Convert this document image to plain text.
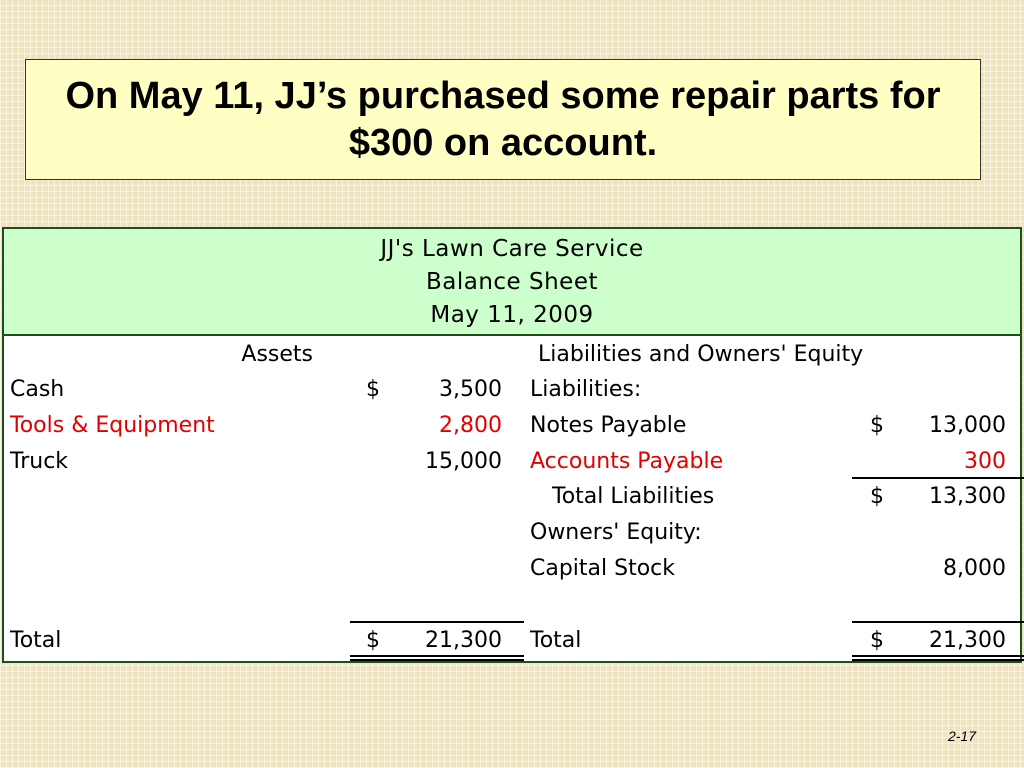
On May 11, JJ’s purchased some repair parts for $300 on account.

JJ's Lawn Care Service
Balance Sheet
May 11, 2009
Assets	Liabilities and Owners' Equity
Cash	$	3,500
Tools & Equipment	2,800
Truck	15,000
Liabilities:
Notes Payable	$	13,000
Accounts Payable	300
Total Liabilities	$	13,300
Owners' Equity:
Capital Stock	8,000
Total	$	21,300 Total	$	21,300
2-17
